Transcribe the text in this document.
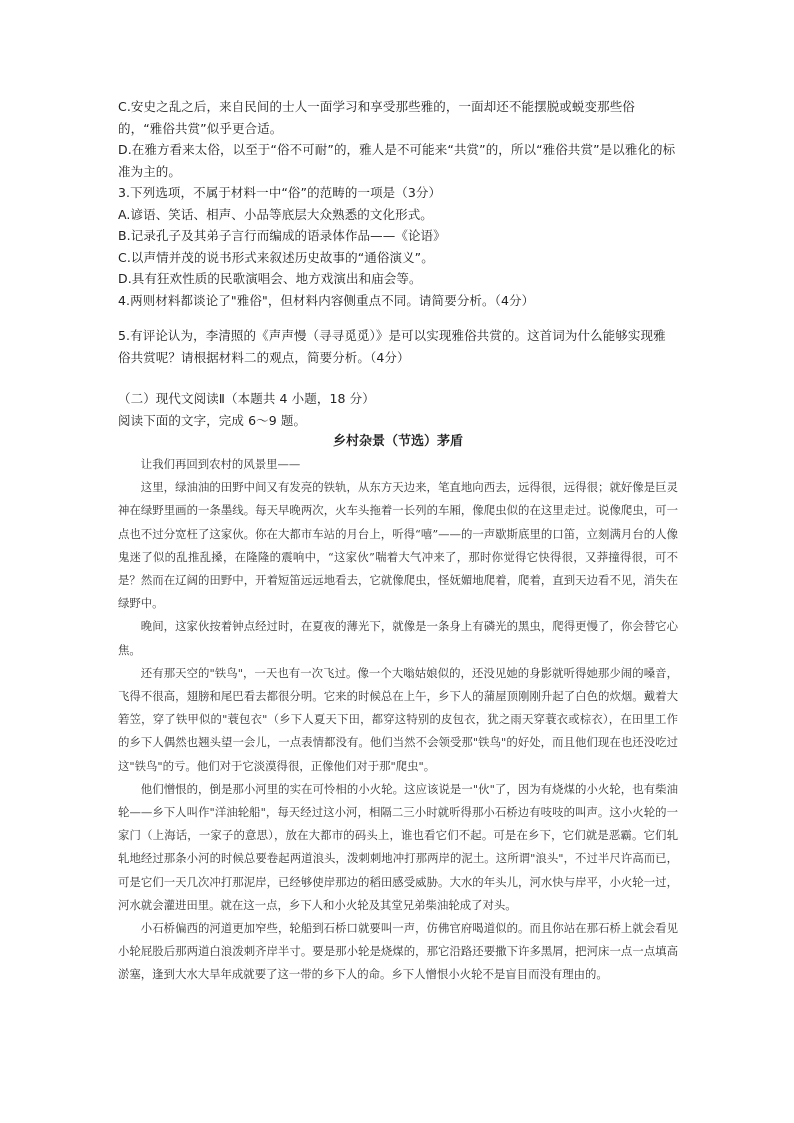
C.安史之乱之后，来自民间的士人一面学习和享受那些雅的，一面却还不能摆脱或蜕变那些俗的，“雅俗共赏”似乎更合适。

D.在雅方看来太俗，以至于“俗不可耐”的，雅人是不可能来“共赏”的，所以“雅俗共赏”是以雅化的标准为主的。

3.下列选项，不属于材料一中“俗”的范畴的一项是（3分）

A.谚语、笑话、相声、小品等底层大众熟悉的文化形式。

B.记录孔子及其弟子言行而编成的语录体作品——《论语》

C.以声情并茂的说书形式来叙述历史故事的“通俗演义”。

D.具有狂欢性质的民歌演唱会、地方戏演出和庙会等。

4.两则材料都谈论了"雅俗"，但材料内容侧重点不同。请简要分析。（4分）

5.有评论认为，李清照的《声声慢（寻寻觅觅）》是可以实现雅俗共赏的。这首词为什么能够实现雅俗共赏呢？请根据材料二的观点，简要分析。（4分）

（二）现代文阅读Ⅱ（本题共 4 小题，18 分）

阅读下面的文字，完成 6～9 题。

乡村杂景（节选）茅盾

让我们再回到农村的风景里——

这里，绿油油的田野中间又有发亮的铁轨，从东方天边来，笔直地向西去，远得很，远得很；就好像是巨灵神在绿野里画的一条墨线。每天早晚两次，火车头拖着一长列的车厢，像爬虫似的在这里走过。说像爬虫，可一点也不过分宽枉了这家伙。你在大都市车站的月台上，听得“嘻”——的一声歇斯底里的口笛，立刻满月台的人像鬼迷了似的乱推乱搡，在隆隆的震响中，“这家伙”喘着大气冲来了，那时你觉得它快得很，又莽撞得很，可不是？然而在辽阔的田野中，开着短笛远远地看去，它就像爬虫，怪妩媚地爬着，爬着，直到天边看不见，消失在绿野中。

晚间，这家伙按着钟点经过时，在夏夜的薄光下，就像是一条身上有磷光的黑虫，爬得更慢了，你会替它心焦。

还有那天空的"铁鸟"，一天也有一次飞过。像一个大嗡姑娘似的，还没见她的身影就听得她那少闹的嗓音，飞得不很高，翅膀和尾巴看去都很分明。它来的时候总在上午，乡下人的蒲屋顶刚刚升起了白色的炊烟。戴着大箬笠，穿了铁甲似的"蓑包衣"（乡下人夏天下田，都穿这特别的皮包衣，犹之雨天穿蓑衣或棕衣），在田里工作的乡下人偶然也翘头望一会儿，一点表情都没有。他们当然不会领受那"铁鸟"的好处，而且他们现在也还没吃过这"铁鸟"的亏。他们对于它淡漠得很，正像他们对于那"爬虫"。

他们憎恨的，倒是那小河里的实在可怜相的小火轮。这应该说是一"伙"了，因为有烧煤的小火轮，也有柴油轮——乡下人叫作"洋油轮船"，每天经过这小河，相隔二三小时就听得那小石桥边有吱吱的叫声。这小火轮的一家门（上海话，一家子的意思），放在大都市的码头上，谁也看它们不起。可是在乡下，它们就是恶霸。它们轧轧地经过那条小河的时候总要卷起两道浪头，泼刺刺地冲打那两岸的泥土。这所谓"浪头"，不过半尺许高而已，可是它们一天几次冲打那泥岸，已经够使岸那边的稻田感受威胁。大水的年头儿，河水快与岸平，小火轮一过，河水就会灌进田里。就在这一点，乡下人和小火轮及其堂兄弟柴油轮成了对头。

小石桥偏西的河道更加窄些，轮船到石桥口就要叫一声，仿佛官府喝道似的。而且你站在那石桥上就会看见小轮屁股后那两道白浪泼刺齐岸半寸。要是那小轮是烧煤的，那它沿路还要撒下许多黑屑，把河床一点一点填高淤塞，逢到大水大旱年成就要了这一带的乡下人的命。乡下人憎恨小火轮不是盲目而没有理由的。
